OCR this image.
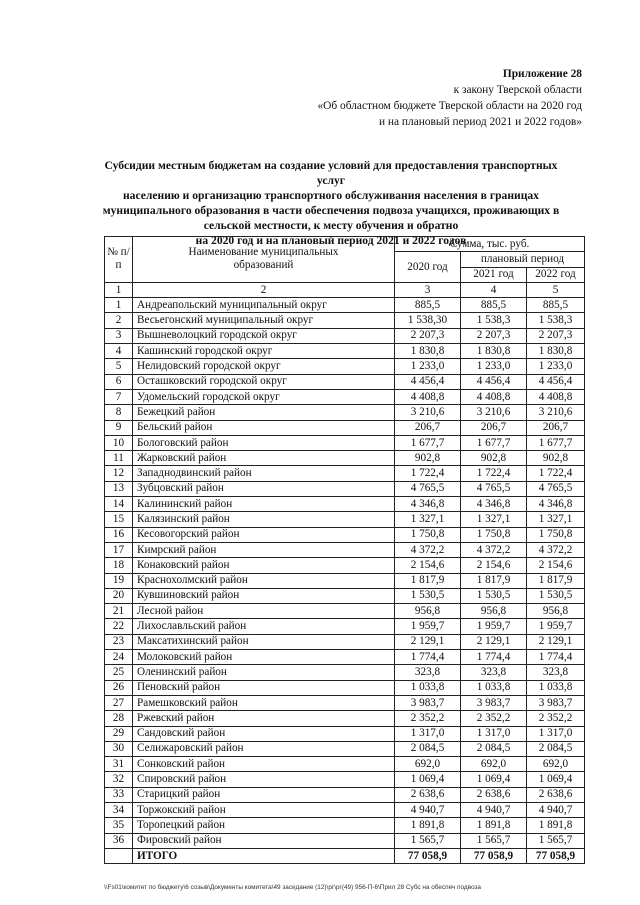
Приложение 28
к закону Тверской области
«Об областном бюджете Тверской области на 2020 год
и на плановый период 2021 и 2022 годов»
Субсидии местным бюджетам на создание условий для предоставления транспортных услуг
населению и организацию транспортного обслуживания населения в границах
муниципального образования в части обеспечения подвоза учащихся, проживающих в
сельской местности, к месту обучения и обратно
на 2020 год и на плановый период 2021 и 2022 годов
№ п/п	Наименование муниципальных образований	Сумма, тыс. руб.		
		2020 год	плановый период	
			2021 год	2022 год
1	2	3	4	5
1	Андреапольский муниципальный округ	885,5	885,5	885,5
2	Весьегонский муниципальный округ	1 538,30	1 538,3	1 538,3
3	Вышневолоцкий городской округ	2 207,3	2 207,3	2 207,3
4	Кашинский городской округ	1 830,8	1 830,8	1 830,8
5	Нелидовский городской округ	1 233,0	1 233,0	1 233,0
6	Осташковский городской округ	4 456,4	4 456,4	4 456,4
7	Удомельский городской округ	4 408,8	4 408,8	4 408,8
8	Бежецкий район	3 210,6	3 210,6	3 210,6
9	Бельский район	206,7	206,7	206,7
10	Бологовский район	1 677,7	1 677,7	1 677,7
11	Жарковский район	902,8	902,8	902,8
12	Западнодвинский район	1 722,4	1 722,4	1 722,4
13	Зубцовский район	4 765,5	4 765,5	4 765,5
14	Калининский район	4 346,8	4 346,8	4 346,8
15	Калязинский район	1 327,1	1 327,1	1 327,1
16	Кесовогорский район	1 750,8	1 750,8	1 750,8
17	Кимрский район	4 372,2	4 372,2	4 372,2
18	Конаковский район	2 154,6	2 154,6	2 154,6
19	Краснохолмский район	1 817,9	1 817,9	1 817,9
20	Кувшиновский район	1 530,5	1 530,5	1 530,5
21	Лесной район	956,8	956,8	956,8
22	Лихославльский район	1 959,7	1 959,7	1 959,7
23	Максатихинский район	2 129,1	2 129,1	2 129,1
24	Молоковский район	1 774,4	1 774,4	1 774,4
25	Оленинский район	323,8	323,8	323,8
26	Пеновский район	1 033,8	1 033,8	1 033,8
27	Рамешковский район	3 983,7	3 983,7	3 983,7
28	Ржевский район	2 352,2	2 352,2	2 352,2
29	Сандовский район	1 317,0	1 317,0	1 317,0
30	Селижаровский район	2 084,5	2 084,5	2 084,5
31	Сонковский район	692,0	692,0	692,0
32	Спировский район	1 069,4	1 069,4	1 069,4
33	Старицкий район	2 638,6	2 638,6	2 638,6
34	Торжокский район	4 940,7	4 940,7	4 940,7
35	Торопецкий район	1 891,8	1 891,8	1 891,8
36	Фировский район	1 565,7	1 565,7	1 565,7
	ИТОГО	77 058,9	77 058,9	77 058,9
\\Fs01\комитет по бюджету\6 созыв\Документы комитета\49 заседание (12)\рг\рг(49) 956-П-6\Прил 28 Субс на обеспеч подвоза
